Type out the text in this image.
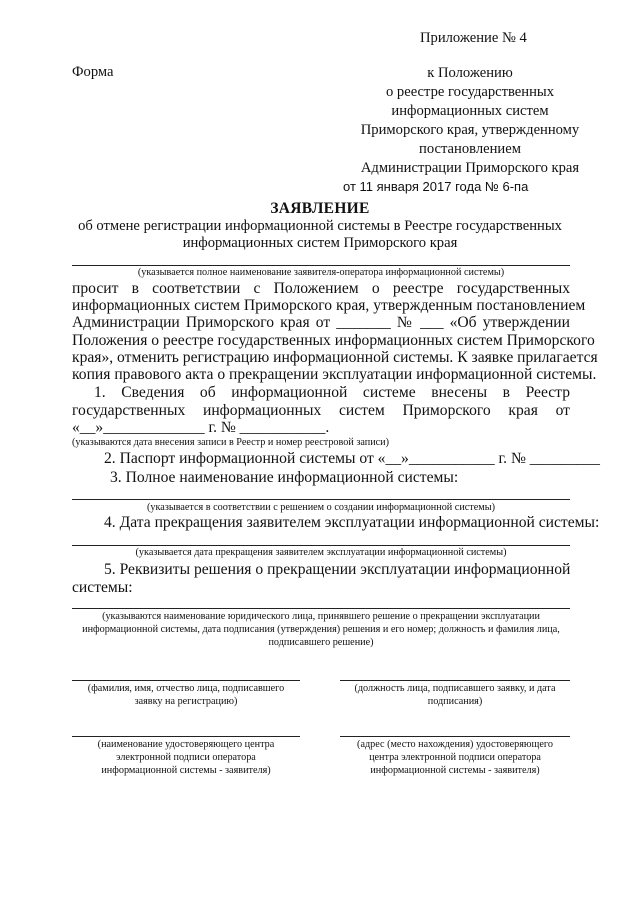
Приложение № 4
Форма	к Положению
о реестре государственных
информационных систем
Приморского края, утвержденному
постановлением
Администрации Приморского края
от 11 января 2017 года № 6-па
ЗАЯВЛЕНИЕ
об отмене регистрации информационной системы в Реестре государственных
информационных систем Приморского края
(указывается полное наименование заявителя-оператора информационной системы)
просит в соответствии с Положением о реестре государственных
информационных систем Приморского края, утвержденным постановлением
Администрации Приморского края от _______ № ___ «Об утверждении
Положения о реестре государственных информационных систем Приморского
края», отменить регистрацию информационной системы. К заявке прилагается
копия правового акта о прекращении эксплуатации информационной системы.
1. Сведения об информационной системе внесены в Реестр
государственных информационных систем Приморского края от
«__»_____________ г. № ___________.
(указываются дата внесения записи в Реестр и номер реестровой записи)
2. Паспорт информационной системы от «__»___________ г. № _________
3. Полное наименование информационной системы:
(указывается в соответствии с решением о создании информационной системы)
4. Дата прекращения заявителем эксплуатации информационной системы:
(указывается дата прекращения заявителем эксплуатации информационной системы)
5. Реквизиты решения о прекращении эксплуатации информационной
системы:
(указываются наименование юридического лица, принявшего решение о прекращении эксплуатации
информационной системы, дата подписания (утверждения) решения и его номер; должность и фамилия лица,
подписавшего решение)
(фамилия, имя, отчество лица, подписавшего
заявку на регистрацию)
(должность лица, подписавшего заявку, и дата
подписания)
(наименование удостоверяющего центра
электронной подписи оператора
информационной системы - заявителя)
(адрес (место нахождения) удостоверяющего
центра электронной подписи оператора
информационной системы - заявителя)
